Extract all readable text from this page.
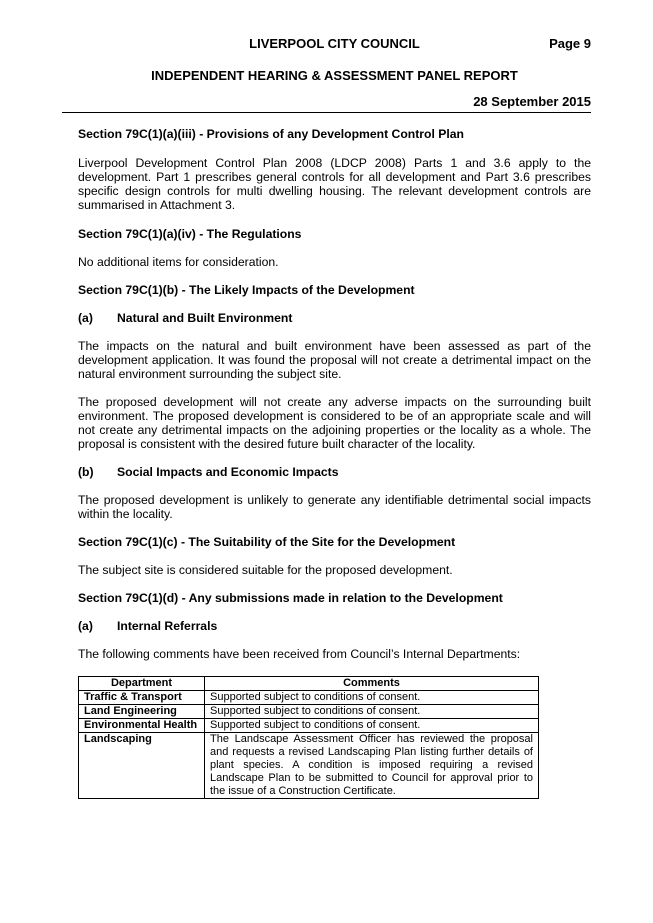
LIVERPOOL CITY COUNCIL	Page 9
INDEPENDENT HEARING & ASSESSMENT PANEL REPORT
28 September 2015
Section 79C(1)(a)(iii) - Provisions of any Development Control Plan

Liverpool Development Control Plan 2008 (LDCP 2008) Parts 1 and 3.6 apply to the development. Part 1 prescribes general controls for all development and Part 3.6 prescribes specific design controls for multi dwelling housing. The relevant development controls are summarised in Attachment 3.

Section 79C(1)(a)(iv) - The Regulations

No additional items for consideration.

Section 79C(1)(b) - The Likely Impacts of the Development
(a)	Natural and Built Environment

The impacts on the natural and built environment have been assessed as part of the development application. It was found the proposal will not create a detrimental impact on the natural environment surrounding the subject site.

The proposed development will not create any adverse impacts on the surrounding built environment. The proposed development is considered to be of an appropriate scale and will not create any detrimental impacts on the adjoining properties or the locality as a whole. The proposal is consistent with the desired future built character of the locality.

(b)	Social Impacts and Economic Impacts

The proposed development is unlikely to generate any identifiable detrimental social impacts within the locality.

Section 79C(1)(c) - The Suitability of the Site for the Development

The subject site is considered suitable for the proposed development.

Section 79C(1)(d) - Any submissions made in relation to the Development
(a)	Internal Referrals

The following comments have been received from Council’s Internal Departments:

Department	Comments
Traffic & Transport	Supported subject to conditions of consent.
Land Engineering	Supported subject to conditions of consent.
Environmental Health	Supported subject to conditions of consent.
Landscaping	The Landscape Assessment Officer has reviewed the proposal and requests a revised Landscaping Plan listing further details of plant species. A condition is imposed requiring a revised Landscape Plan to be submitted to Council for approval prior to the issue of a Construction Certificate.
